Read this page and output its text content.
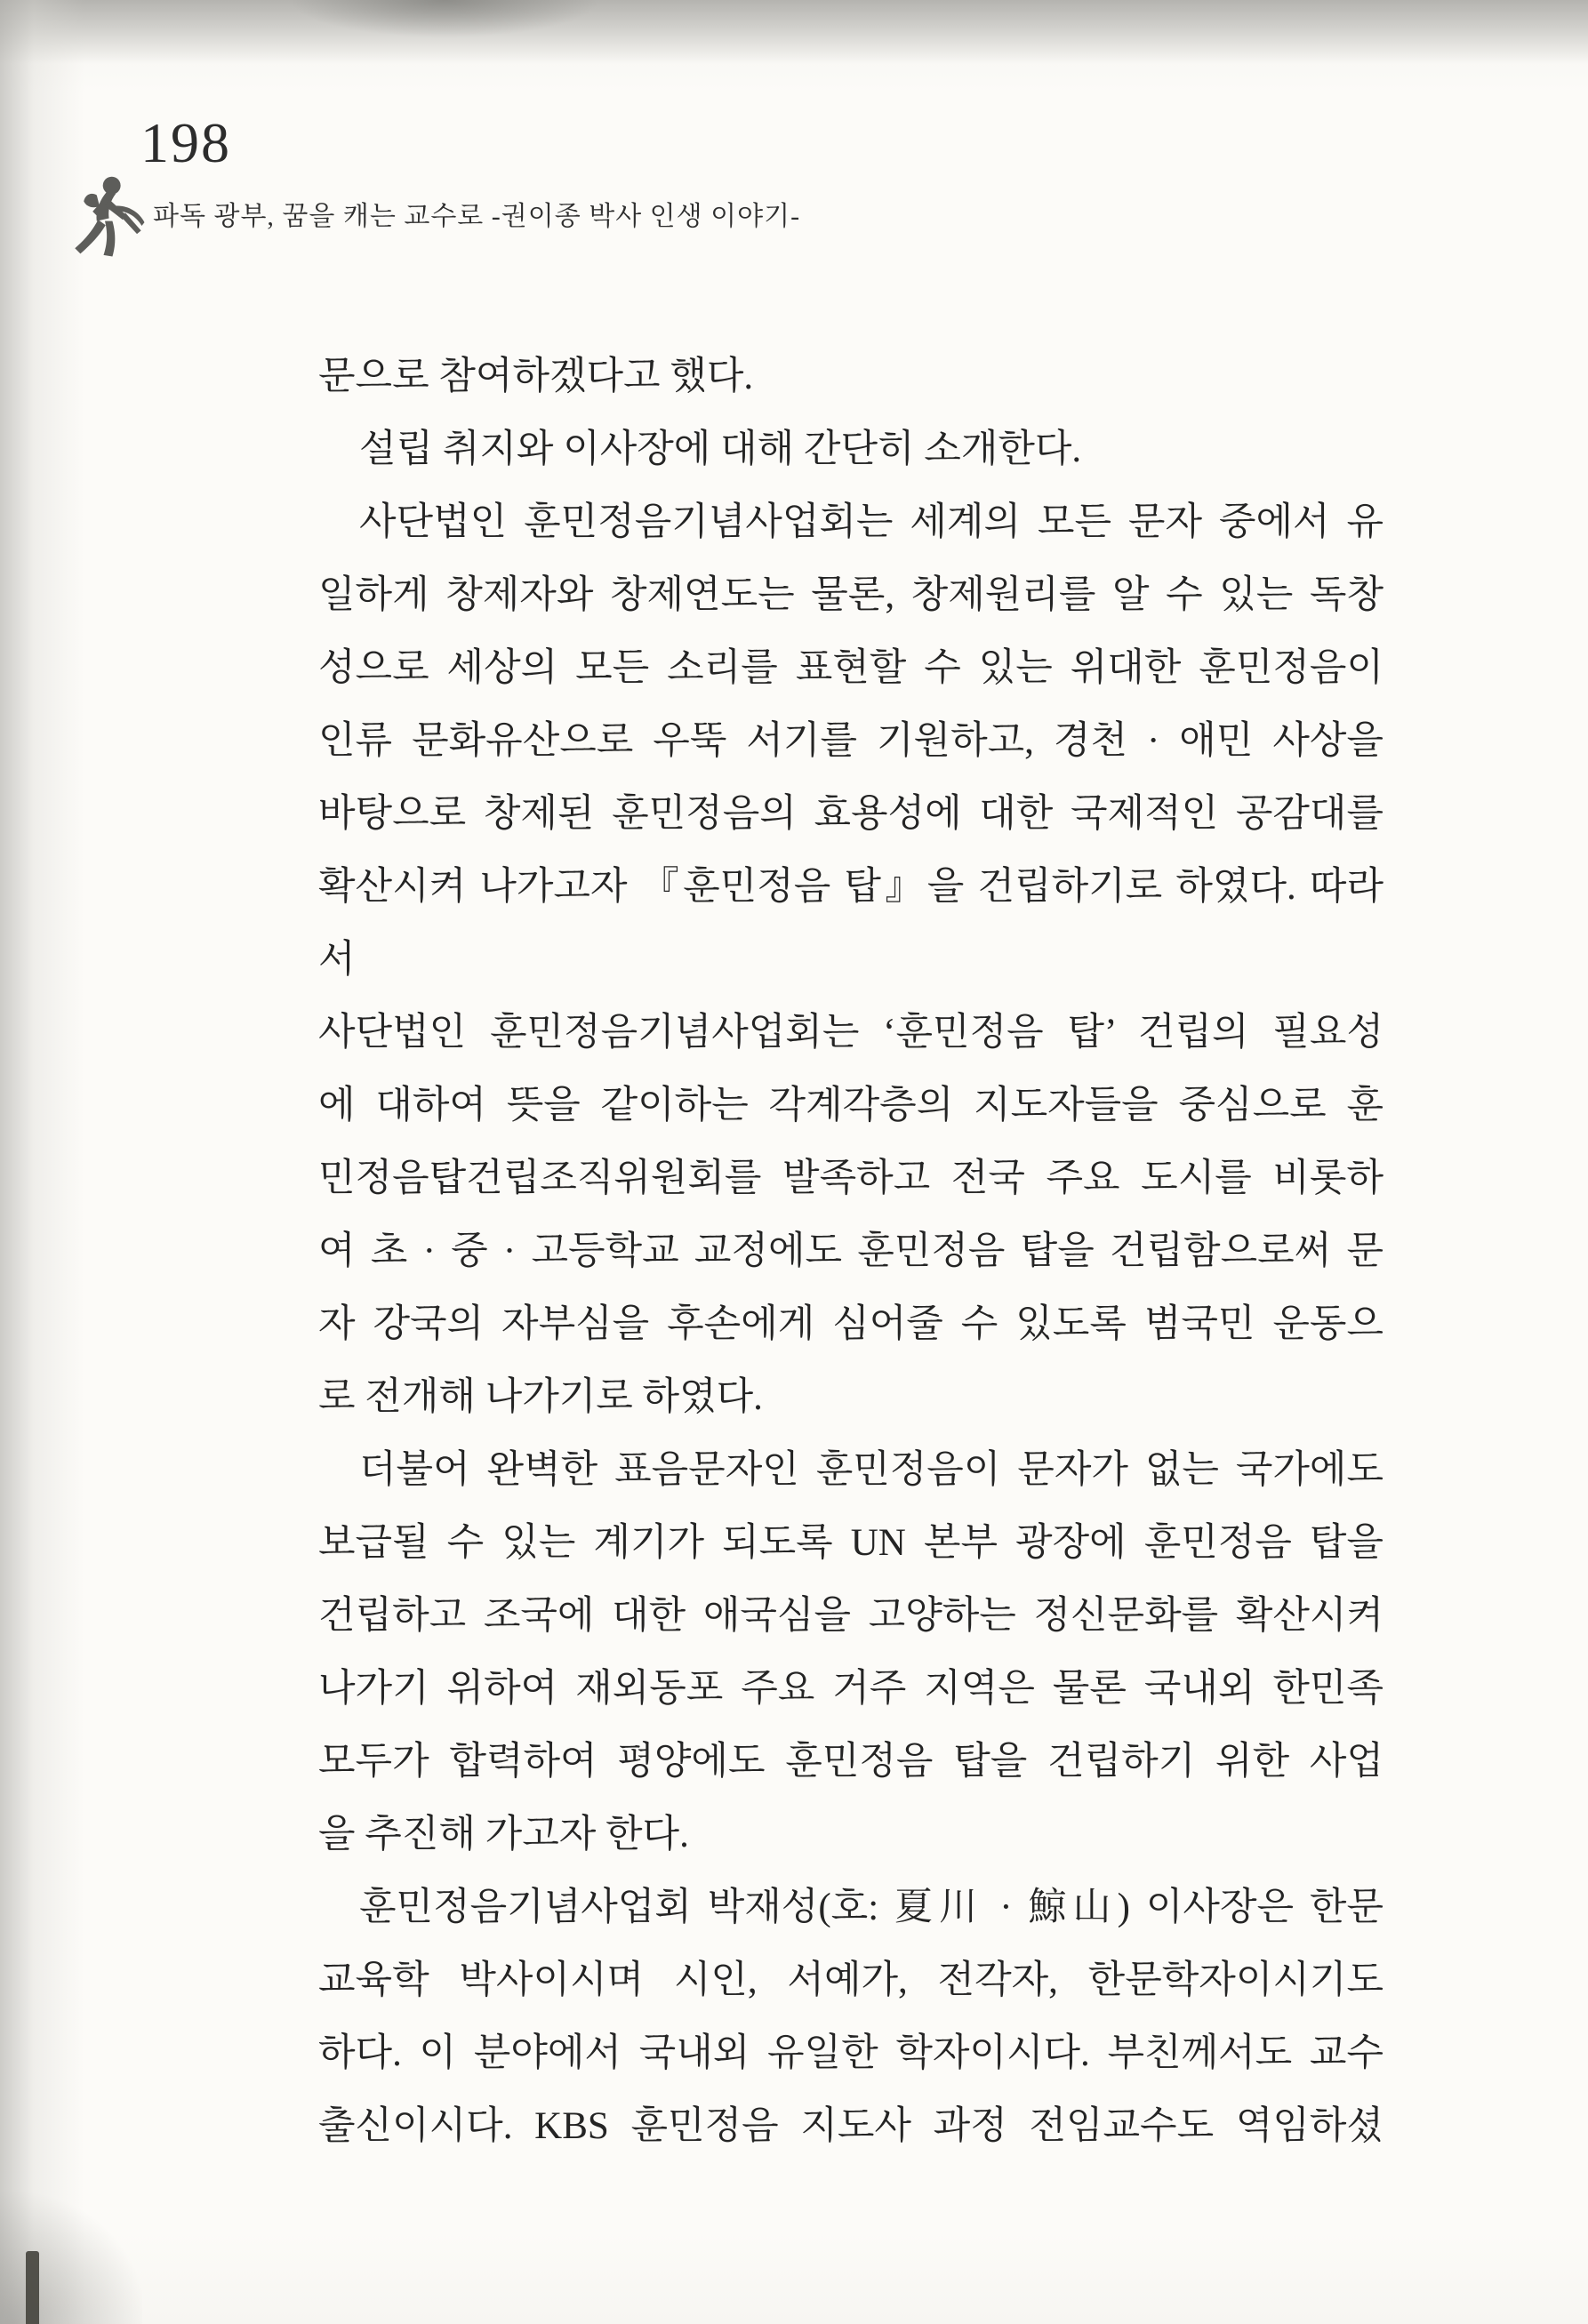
198
파독 광부, 꿈을 캐는 교수로 -권이종 박사 인생 이야기-
문으로 참여하겠다고 했다.
설립 취지와 이사장에 대해 간단히 소개한다.
사단법인 훈민정음기념사업회는 세계의 모든 문자 중에서 유
일하게 창제자와 창제연도는 물론, 창제원리를 알 수 있는 독창
성으로 세상의 모든 소리를 표현할 수 있는 위대한 훈민정음이
인류 문화유산으로 우뚝 서기를 기원하고, 경천 · 애민 사상을
바탕으로 창제된 훈민정음의 효용성에 대한 국제적인 공감대를
확산시켜 나가고자 『훈민정음 탑』을 건립하기로 하였다. 따라서
사단법인 훈민정음기념사업회는 ‘훈민정음 탑’ 건립의 필요성
에 대하여 뜻을 같이하는 각계각층의 지도자들을 중심으로 훈
민정음탑건립조직위원회를 발족하고 전국 주요 도시를 비롯하
여 초 · 중 · 고등학교 교정에도 훈민정음 탑을 건립함으로써 문
자 강국의 자부심을 후손에게 심어줄 수 있도록 범국민 운동으
로 전개해 나가기로 하였다.
더불어 완벽한 표음문자인 훈민정음이 문자가 없는 국가에도
보급될 수 있는 계기가 되도록 UN 본부 광장에 훈민정음 탑을
건립하고 조국에 대한 애국심을 고양하는 정신문화를 확산시켜
나가기 위하여 재외동포 주요 거주 지역은 물론 국내외 한민족
모두가 합력하여 평양에도 훈민정음 탑을 건립하기 위한 사업
을 추진해 가고자 한다.
훈민정음기념사업회 박재성(호: 夏川 · 鯨山) 이사장은 한문
교육학 박사이시며 시인, 서예가, 전각자, 한문학자이시기도
하다. 이 분야에서 국내외 유일한 학자이시다. 부친께서도 교수
출신이시다. KBS 훈민정음 지도사 과정 전임교수도 역임하셨
